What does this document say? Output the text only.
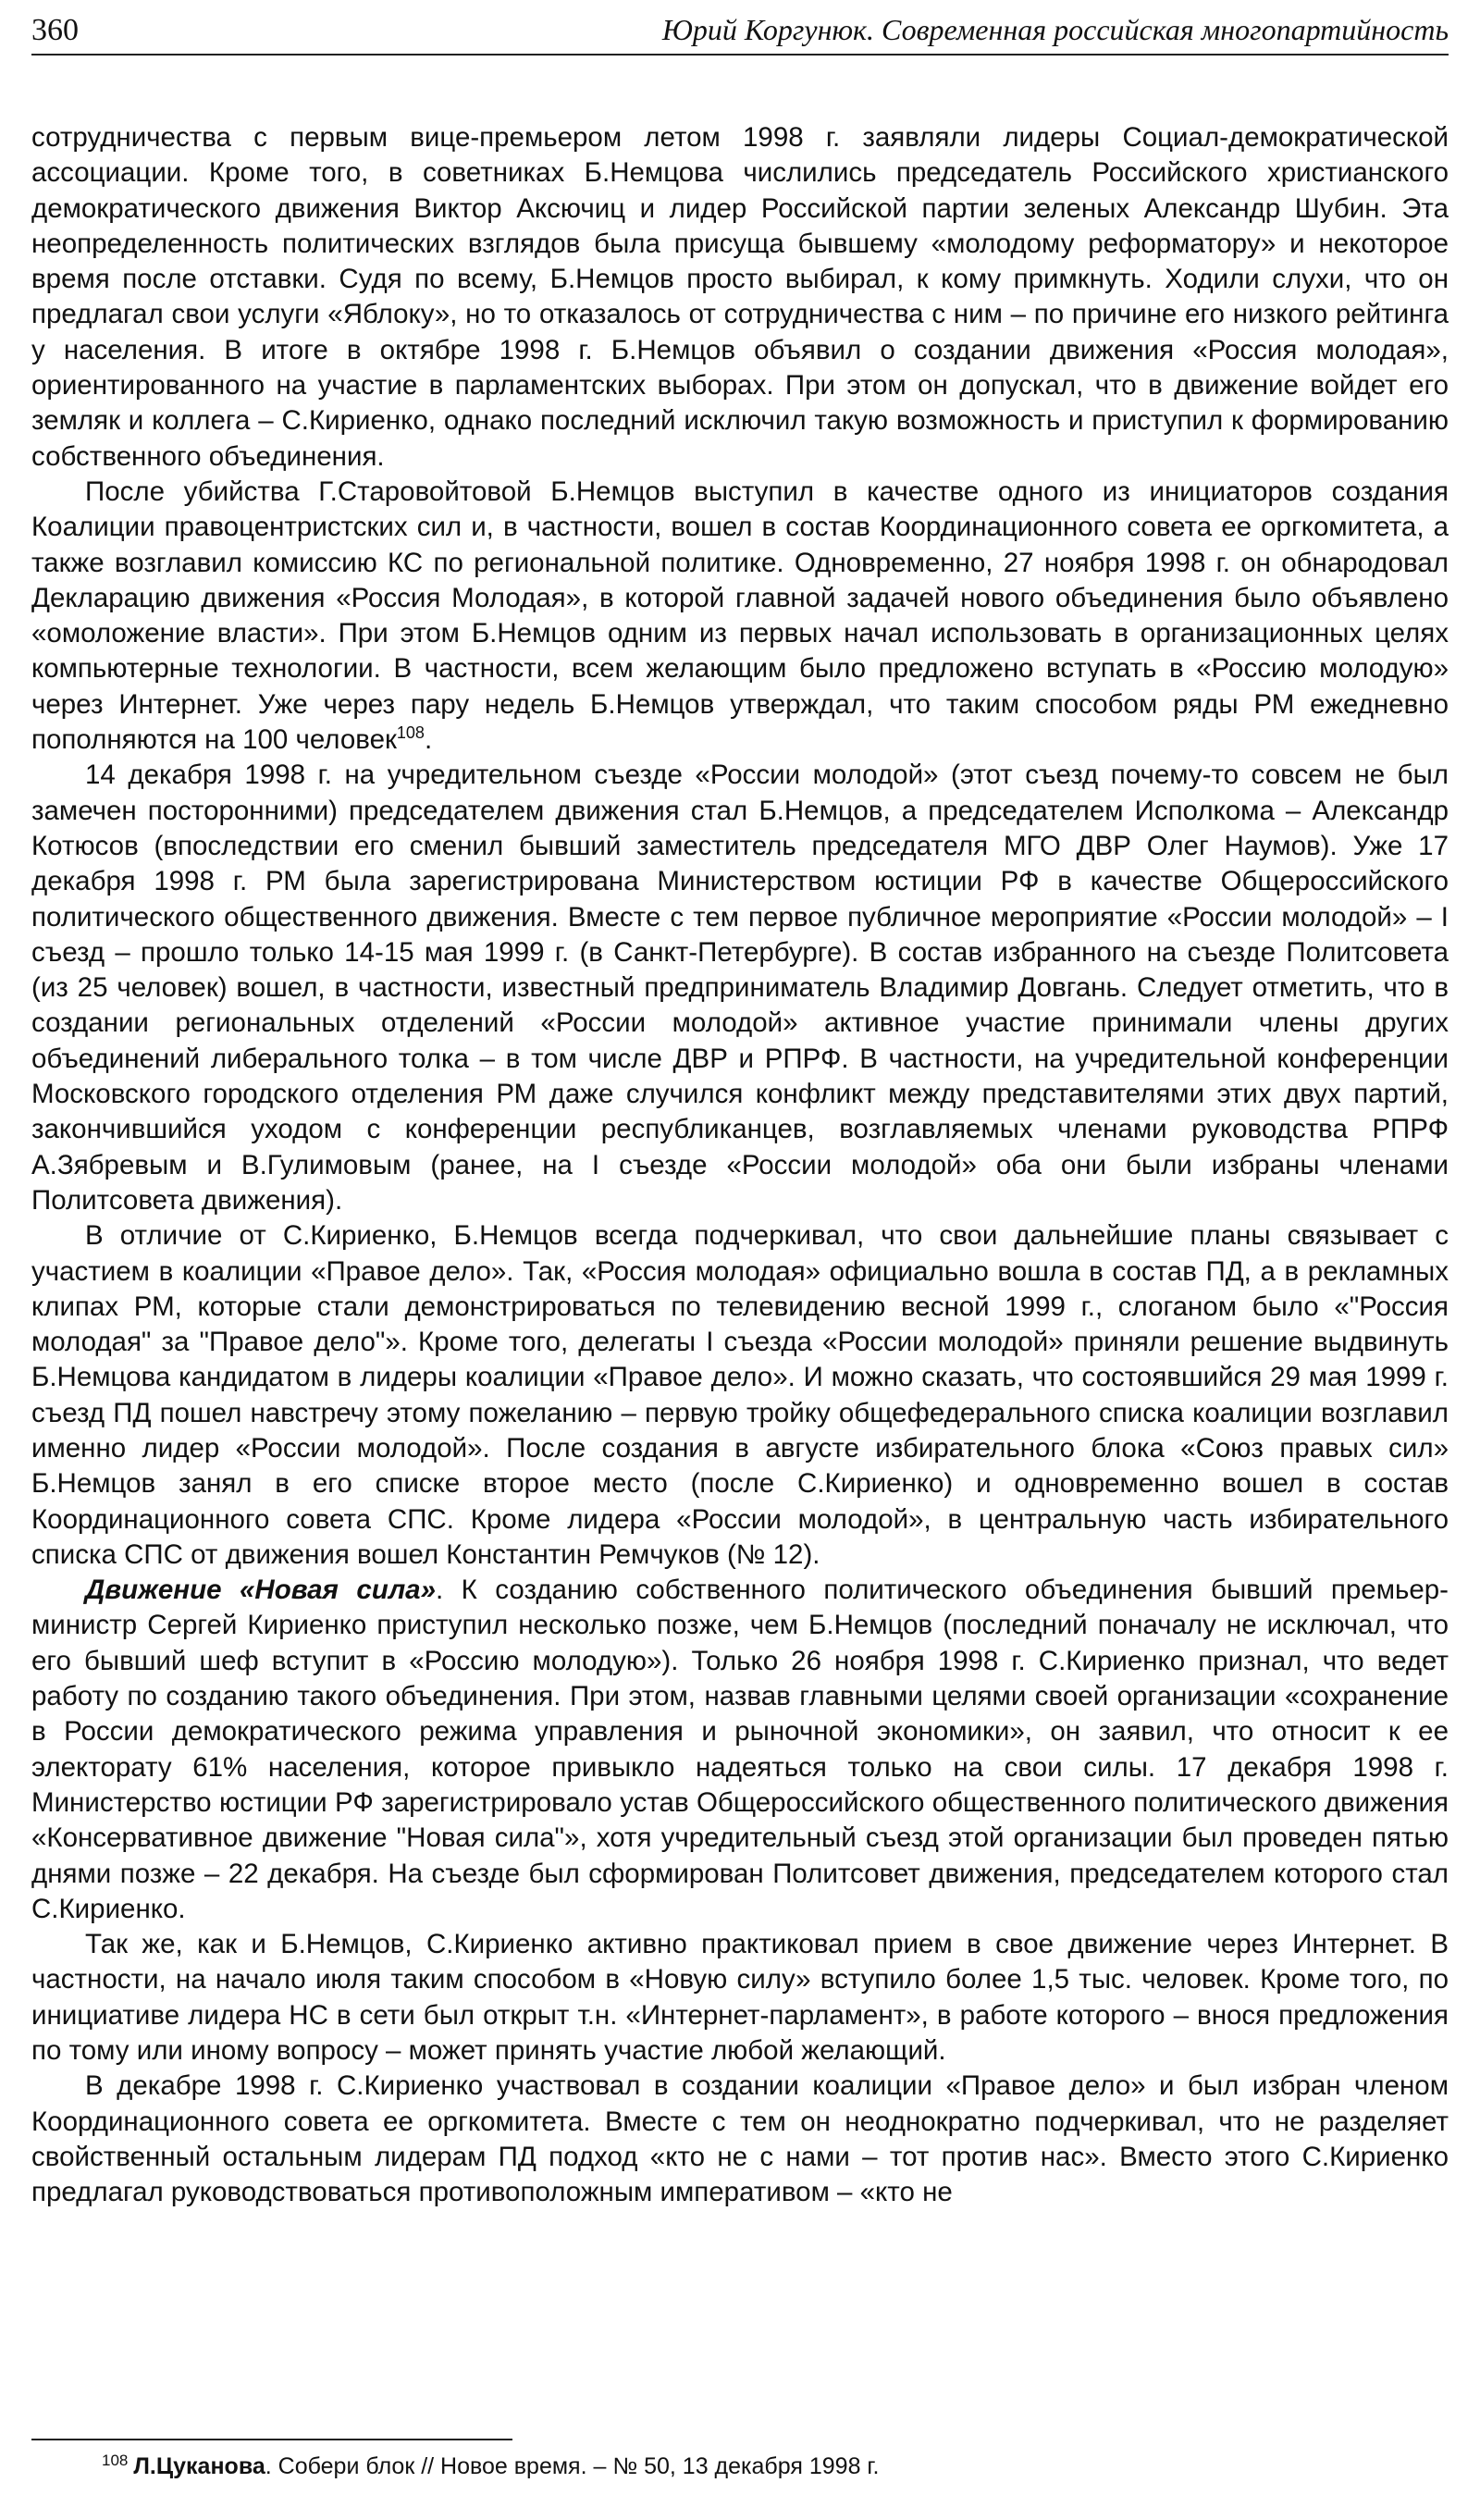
360	Юрий Коргунюк. Современная российская многопартийность

сотрудничества с первым вице-премьером летом 1998 г. заявляли лидеры Социал-демократической ассоциации. Кроме того, в советниках Б.Немцова числились председатель Российского христианского демократического движения Виктор Аксючиц и лидер Российской партии зеленых Александр Шубин. Эта неопределенность политических взглядов была присуща бывшему «молодому реформатору» и некоторое время после отставки. Судя по всему, Б.Немцов просто выбирал, к кому примкнуть. Ходили слухи, что он предлагал свои услуги «Яблоку», но то отказалось от сотрудничества с ним – по причине его низкого рейтинга у населения. В итоге в октябре 1998 г. Б.Немцов объявил о создании движения «Россия молодая», ориентированного на участие в парламентских выборах. При этом он допускал, что в движение войдет его земляк и коллега – С.Кириенко, однако последний исключил такую возможность и приступил к формированию собственного объединения.

После убийства Г.Старовойтовой Б.Немцов выступил в качестве одного из инициаторов создания Коалиции правоцентристских сил и, в частности, вошел в состав Координационного совета ее оргкомитета, а также возглавил комиссию КС по региональной политике. Одновременно, 27 ноября 1998 г. он обнародовал Декларацию движения «Россия Молодая», в которой главной задачей нового объединения было объявлено «омоложение власти». При этом Б.Немцов одним из первых начал использовать в организационных целях компьютерные технологии. В частности, всем желающим было предложено вступать в «Россию молодую» через Интернет. Уже через пару недель Б.Немцов утверждал, что таким способом ряды РМ ежедневно пополняются на 100 человек$^{108}$.

14 декабря 1998 г. на учредительном съезде «России молодой» (этот съезд почему-то совсем не был замечен посторонними) председателем движения стал Б.Немцов, а председателем Исполкома – Александр Котюсов (впоследствии его сменил бывший заместитель председателя МГО ДВР Олег Наумов). Уже 17 декабря 1998 г. РМ была зарегистрирована Министерством юстиции РФ в качестве Общероссийского политического общественного движения. Вместе с тем первое публичное мероприятие «России молодой» – I съезд – прошло только 14-15 мая 1999 г. (в Санкт-Петербурге). В состав избранного на съезде Политсовета (из 25 человек) вошел, в частности, известный предприниматель Владимир Довгань. Следует отметить, что в создании региональных отделений «России молодой» активное участие принимали члены других объединений либерального толка – в том числе ДВР и РПРФ. В частности, на учредительной конференции Московского городского отделения РМ даже случился конфликт между представителями этих двух партий, закончившийся уходом с конференции республиканцев, возглавляемых членами руководства РПРФ А.Зябревым и В.Гулимовым (ранее, на I съезде «России молодой» оба они были избраны членами Политсовета движения).

В отличие от С.Кириенко, Б.Немцов всегда подчеркивал, что свои дальнейшие планы связывает с участием в коалиции «Правое дело». Так, «Россия молодая» официально вошла в состав ПД, а в рекламных клипах РМ, которые стали демонстрироваться по телевидению весной 1999 г., слоганом было «"Россия молодая" за "Правое дело"». Кроме того, делегаты I съезда «России молодой» приняли решение выдвинуть Б.Немцова кандидатом в лидеры коалиции «Правое дело». И можно сказать, что состоявшийся 29 мая 1999 г. съезд ПД пошел навстречу этому пожеланию – первую тройку общефедерального списка коалиции возглавил именно лидер «России молодой». После создания в августе избирательного блока «Союз правых сил» Б.Немцов занял в его списке второе место (после С.Кириенко) и одновременно вошел в состав Координационного совета СПС. Кроме лидера «России молодой», в центральную часть избирательного списка СПС от движения вошел Константин Ремчуков (№ 12).

Движение «Новая сила». К созданию собственного политического объединения бывший премьер-министр Сергей Кириенко приступил несколько позже, чем Б.Немцов (последний поначалу не исключал, что его бывший шеф вступит в «Россию молодую»). Только 26 ноября 1998 г. С.Кириенко признал, что ведет работу по созданию такого объединения. При этом, назвав главными целями своей организации «сохранение в России демократического режима управления и рыночной экономики», он заявил, что относит к ее электорату 61% населения, которое привыкло надеяться только на свои силы. 17 декабря 1998 г. Министерство юстиции РФ зарегистрировало устав Общероссийского общественного политического движения «Консервативное движение "Новая сила"», хотя учредительный съезд этой организации был проведен пятью днями позже – 22 декабря. На съезде был сформирован Политсовет движения, председателем которого стал С.Кириенко.

Так же, как и Б.Немцов, С.Кириенко активно практиковал прием в свое движение через Интернет. В частности, на начало июля таким способом в «Новую силу» вступило более 1,5 тыс. человек. Кроме того, по инициативе лидера НС в сети был открыт т.н. «Интернет-парламент», в работе которого – внося предложения по тому или иному вопросу – может принять участие любой желающий.

В декабре 1998 г. С.Кириенко участвовал в создании коалиции «Правое дело» и был избран членом Координационного совета ее оргкомитета. Вместе с тем он неоднократно подчеркивал, что не разделяет свойственный остальным лидерам ПД подход «кто не с нами – тот против нас». Вместо этого С.Кириенко предлагал руководствоваться противоположным императивом – «кто не

$^{108}$ Л.Цуканова. Собери блок // Новое время. – № 50, 13 декабря 1998 г.
